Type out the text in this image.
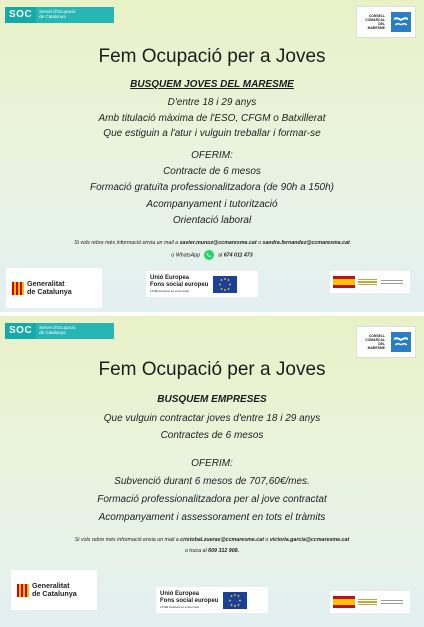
SOC	Servei d'Ocupació
de Catalunya	CONSELL
COMARCAL
DEL
MARESME
Fem Ocupació per a Joves
BUSQUEM JOVES DEL MARESME
D'entre 18 i 29 anys
Amb titulació màxima de l'ESO, CFGM o Batxillerat
Que estiguin a l'atur i vulguin treballar i formar-se
OFERIM:
Contracte de 6 mesos
Formació gratuïta professionalitzadora (de 90h a 150h)
Acompanyament i tutorització
Orientació laboral
Si vols rebre més informació envia un mail a xavier.munoz@ccmaresme.cat o sandra.fernandez@ccmaresme.cat
o WhatsApp	al 674 011 473
Generalitat
de Catalunya
Unió Europea
Fons social europeu
L'FSE inverteix en el teu futur
SOC	Servei d'Ocupació
de Catalunya
CONSELL
COMARCAL
DEL
MARESME
Fem Ocupació per a Joves
BUSQUEM EMPRESES
Que vulguin contractar joves d'entre 18 i 29 anys
Contractes de 6 mesos
OFERIM:
Subvenció durant 6 mesos de 707,60€/mes.
Formació professionalitzadora per al jove contractat
Acompanyament i assessorament en tots el tràmits
Si vols rebre més informació envia un mail a cristobal.zueras@ccmaresme.cat o victoria.garcia@ccmaresme.cat
o truca al 609 312 908.
Generalitat
de Catalunya	Unió Europea
Fons social europeu
L'FSE inverteix en el teu futur
